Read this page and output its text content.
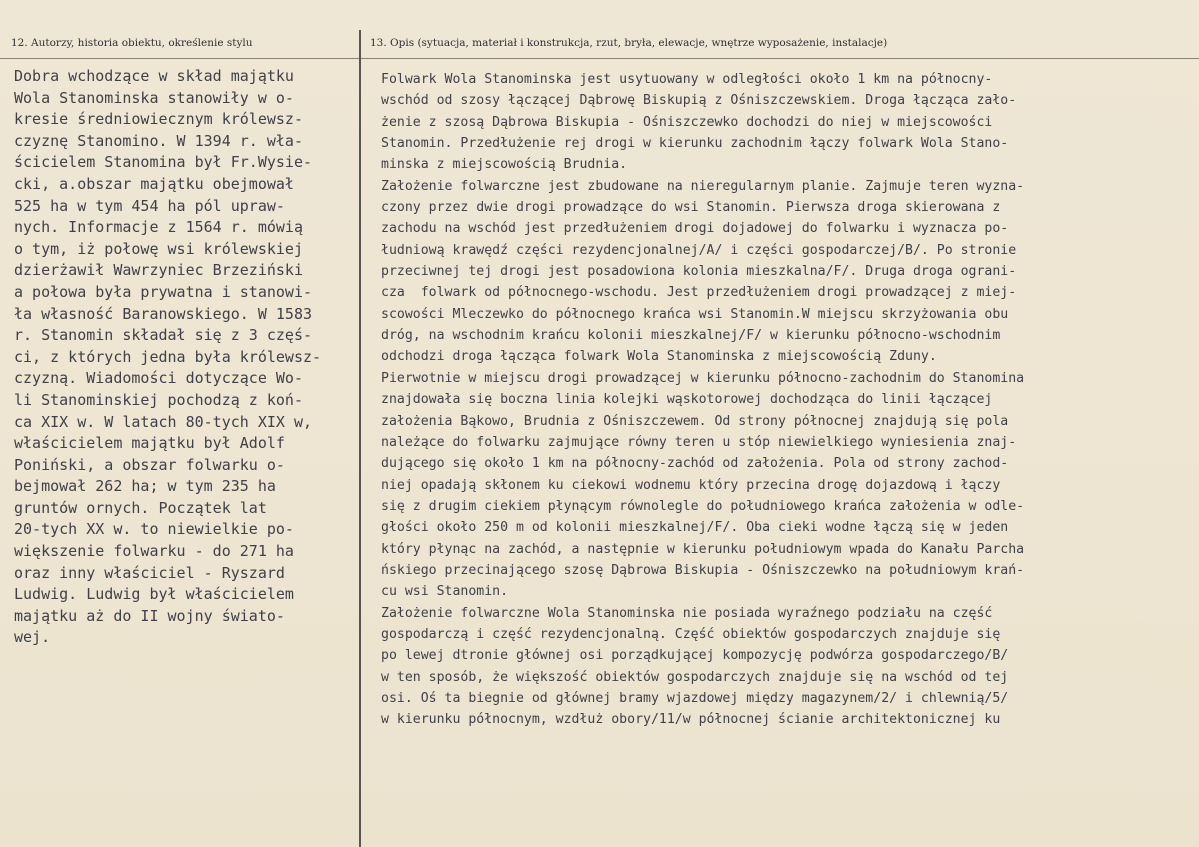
12. Autorzy, historia obiektu, określenie stylu	13. Opis (sytuacja, materiał i konstrukcja, rzut, bryła, elewacje, wnętrze wyposażenie, instalacje)
Dobra wchodzące w skład majątku
Wola Stanominska stanowiły w o-
kresie średniowiecznym królewsz-
czyznę Stanomino. W 1394 r. wła-
ścicielem Stanomina był Fr.Wysie-
cki, a.obszar majątku obejmował
525 ha w tym 454 ha pól upraw-
nych. Informacje z 1564 r. mówią
o tym, iż połowę wsi królewskiej
dzierżawił Wawrzyniec Brzeziński
a połowa była prywatna i stanowi-
ła własność Baranowskiego. W 1583
r. Stanomin składał się z 3 częś-
ci, z których jedna była królewsz-
czyzną. Wiadomości dotyczące Wo-
li Stanominskiej pochodzą z koń-
ca XIX w. W latach 80-tych XIX w,
właścicielem majątku był Adolf
Poniński, a obszar folwarku o-
bejmował 262 ha; w tym 235 ha
gruntów ornych. Początek lat
20-tych XX w. to niewielkie po-
większenie folwarku - do 271 ha
oraz inny właściciel - Ryszard
Ludwig. Ludwig był właścicielem
majątku aż do II wojny świato-
wej.
Folwark Wola Stanominska jest usytuowany w odległości około 1 km na północny-
wschód od szosy łączącej Dąbrowę Biskupią z Ośniszczewskiem. Droga łącząca zało-
żenie z szosą Dąbrowa Biskupia - Ośniszczewko dochodzi do niej w miejscowości
Stanomin. Przedłużenie rej drogi w kierunku zachodnim łączy folwark Wola Stano-
minska z miejscowością Brudnia.
Założenie folwarczne jest zbudowane na nieregularnym planie. Zajmuje teren wyzna-
czony przez dwie drogi prowadzące do wsi Stanomin. Pierwsza droga skierowana z
zachodu na wschód jest przedłużeniem drogi dojadowej do folwarku i wyznacza po-
łudniową krawędź części rezydencjonalnej/A/ i części gospodarczej/B/. Po stronie
przeciwnej tej drogi jest posadowiona kolonia mieszkalna/F/. Druga droga ograni-
cza  folwark od północnego-wschodu. Jest przedłużeniem drogi prowadzącej z miej-
scowości Mleczewko do północnego krańca wsi Stanomin.W miejscu skrzyżowania obu
dróg, na wschodnim krańcu kolonii mieszkalnej/F/ w kierunku północno-wschodnim
odchodzi droga łącząca folwark Wola Stanominska z miejscowością Zduny.
Pierwotnie w miejscu drogi prowadzącej w kierunku północno-zachodnim do Stanomina
znajdowała się boczna linia kolejki wąskotorowej dochodząca do linii łączącej
założenia Bąkowo, Brudnia z Ośniszczewem. Od strony północnej znajdują się pola
należące do folwarku zajmujące równy teren u stóp niewielkiego wyniesienia znaj-
dującego się około 1 km na północny-zachód od założenia. Pola od strony zachod-
niej opadają skłonem ku ciekowi wodnemu który przecina drogę dojazdową i łączy
się z drugim ciekiem płynącym równolegle do południowego krańca założenia w odle-
głości około 250 m od kolonii mieszkalnej/F/. Oba cieki wodne łączą się w jeden
który płynąc na zachód, a następnie w kierunku południowym wpada do Kanału Parcha
ńskiego przecinającego szosę Dąbrowa Biskupia - Ośniszczewko na południowym krań-
cu wsi Stanomin.
Założenie folwarczne Wola Stanominska nie posiada wyraźnego podziału na część
gospodarczą i część rezydencjonalną. Część obiektów gospodarczych znajduje się
po lewej dtronie głównej osi porządkującej kompozycję podwórza gospodarczego/B/
w ten sposób, że większość obiektów gospodarczych znajduje się na wschód od tej
osi. Oś ta biegnie od głównej bramy wjazdowej między magazynem/2/ i chlewnią/5/
w kierunku północnym, wzdłuż obory/11/w północnej ścianie architektonicznej ku
